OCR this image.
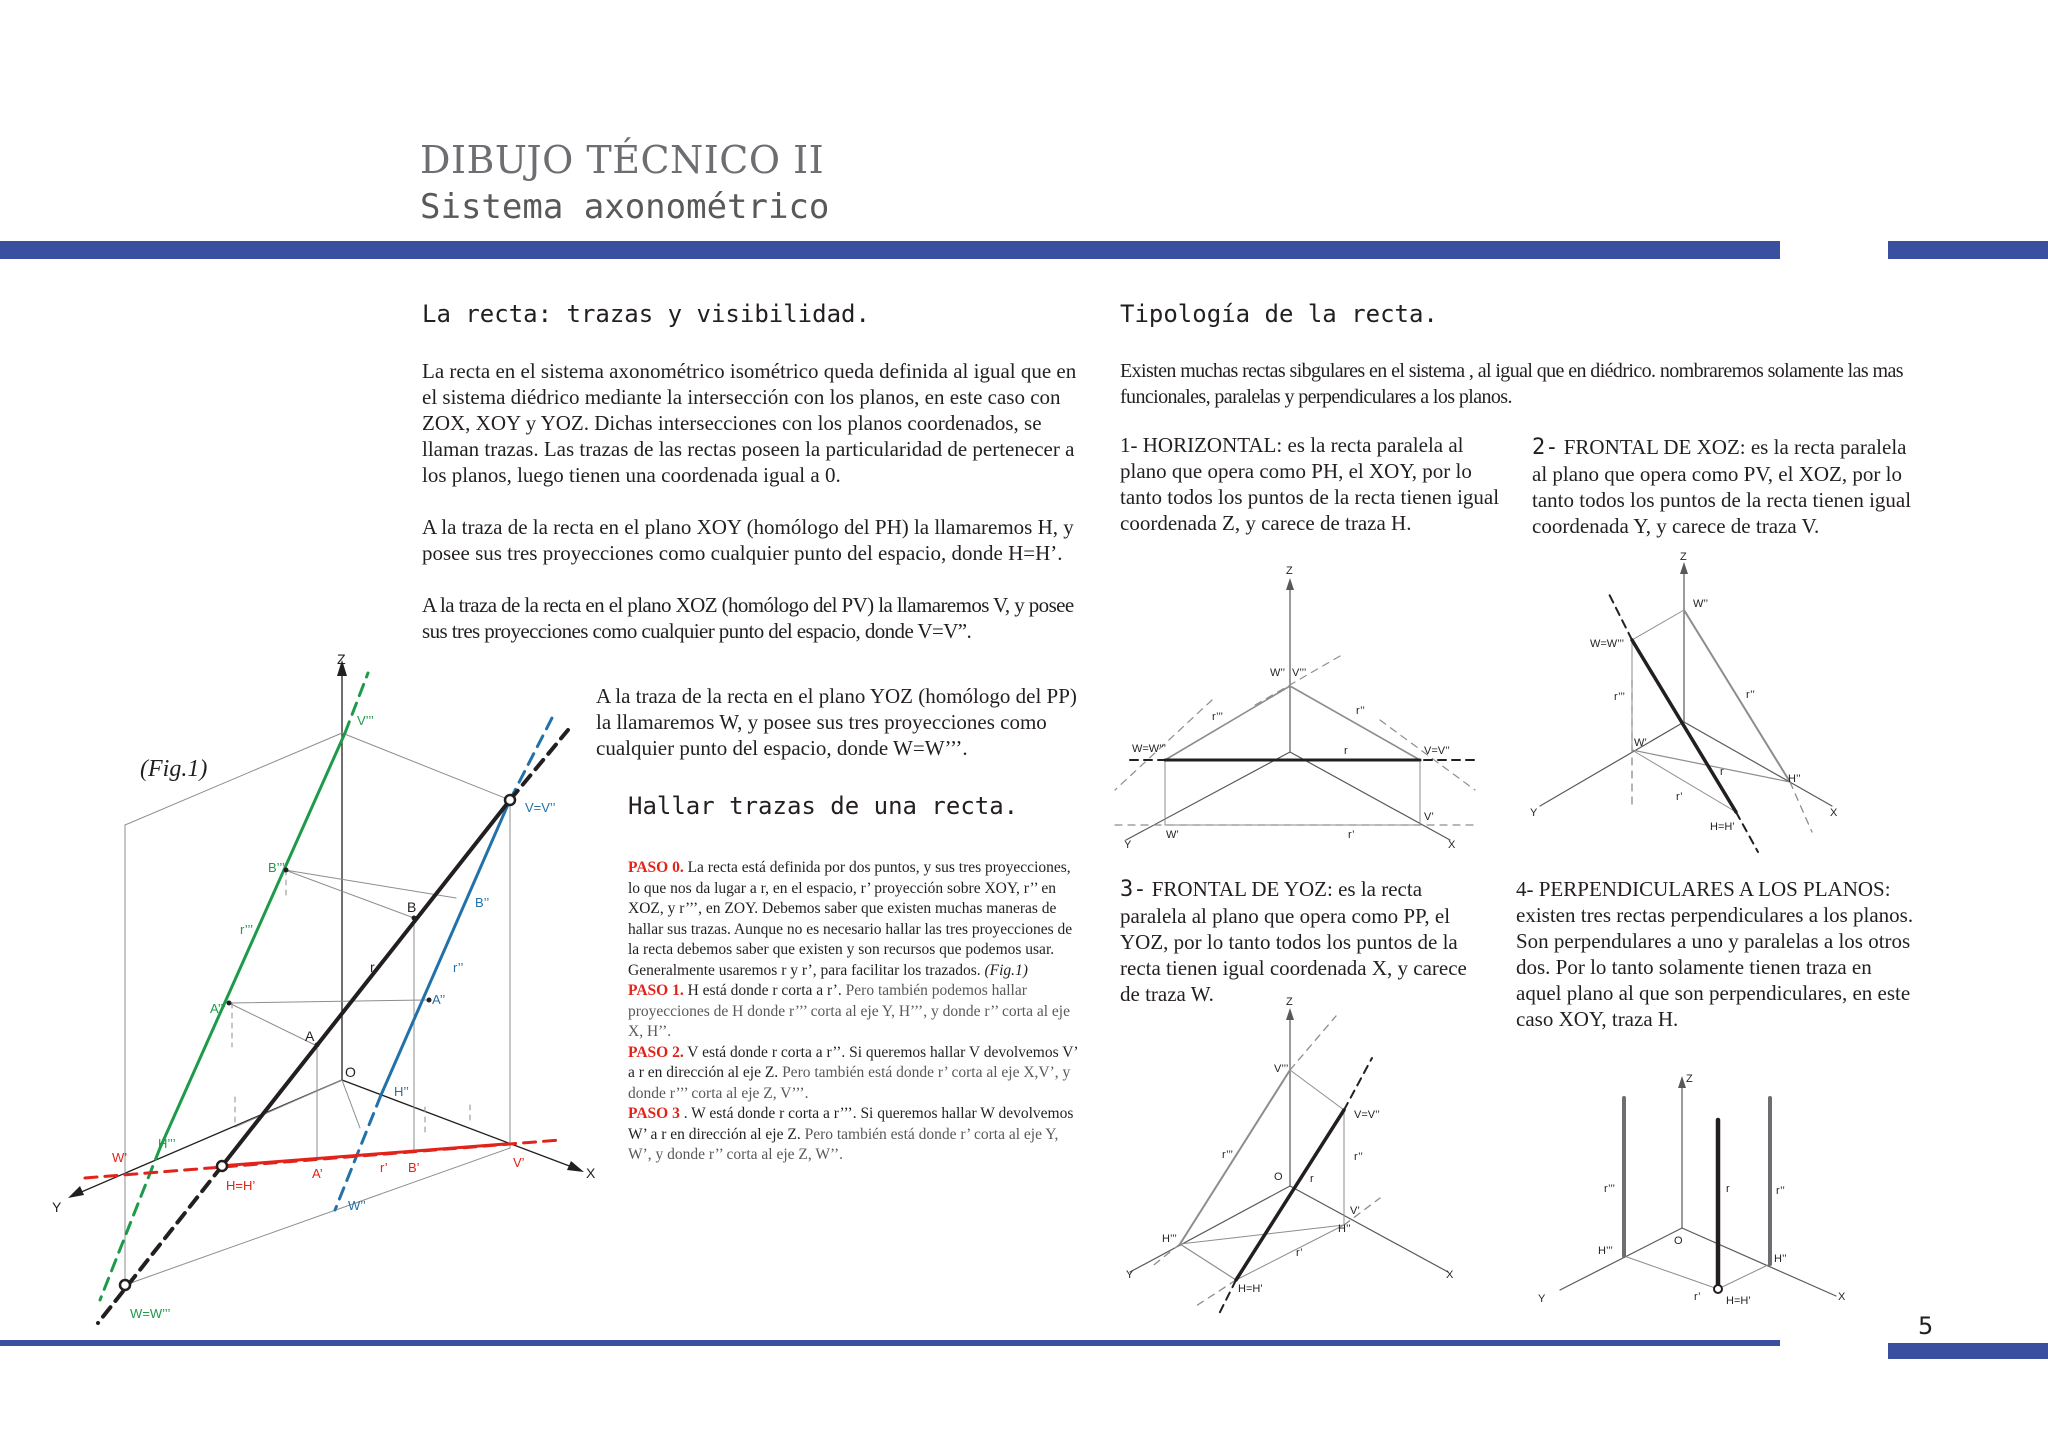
DIBUJO TÉCNICO II
Sistema axonométrico
La recta: trazas y visibilidad.

La recta en el sistema axonométrico isométrico queda definida al igual que en el sistema diédrico mediante la intersección con los planos, en este caso con ZOX, XOY y YOZ. Dichas intersecciones con los planos coordenados, se llaman trazas. Las trazas de las rectas poseen la particularidad de pertenecer a los planos, luego tienen una coordenada igual a 0.

A la traza de la recta en el plano XOY (homólogo del PH) la llamaremos H, y posee sus tres proyecciones como cualquier punto del espacio, donde H=H’.

A la traza de la recta en el plano XOZ (homólogo del PV) la llamaremos V, y posee sus tres proyecciones como cualquier punto del espacio, donde V=V”.

A la traza de la recta en el plano YOZ (homólogo del PP) la llamaremos W, y posee sus tres proyecciones como cualquier punto del espacio, donde W=W’’’.
(Fig.1)
Hallar trazas de una recta.

PASO 0. La recta está definida por dos puntos, y sus tres proyecciones, lo que nos da lugar a r, en el espacio, r’ proyección sobre XOY, r’’ en XOZ, y r’’’, en ZOY. Debemos saber que existen muchas maneras de hallar sus trazas. Aunque no es necesario hallar las tres proyecciones de la recta debemos saber que existen y son recursos que podemos usar. Generalmente usaremos r y r’, para facilitar los trazados. (Fig.1)

PASO 1. H está donde r corta a r’. Pero también podemos hallar proyecciones de H donde r’’’ corta al eje Y, H’’’, y donde r’’ corta al eje X, H’’.

PASO 2. V está donde r corta a r’’. Si queremos hallar V devolvemos V’ a r en dirección al eje Z. Pero también está donde r’ corta al eje X,V’, y donde r’’’ corta al eje Z, V’’’.

PASO 3 . W está donde r corta a r’’’. Si queremos hallar W devolvemos W’ a r en dirección al eje Z. Pero también está donde r’ corta al eje Y, W’, y donde r’’ corta al eje Z, W’’.

Tipología de la recta.
Existen muchas rectas sibgulares en el sistema , al igual que en diédrico. nombraremos solamente las mas funcionales, paralelas y perpendiculares a los planos.
1- HORIZONTAL: es la recta paralela al plano que opera como PH, el XOY, por lo tanto todos los puntos de la recta tienen igual coordenada Z, y carece de traza H.
2- FRONTAL DE XOZ: es la recta paralela al plano que opera como PV, el XOZ, por lo tanto todos los puntos de la recta tienen igual coordenada Y, y carece de traza V.
3- FRONTAL DE YOZ: es la recta paralela al plano que opera como PP, el YOZ, por lo tanto todos los puntos de la recta tienen igual coordenada X, y carece de traza W.
4- PERPENDICULARES A LOS PLANOS: existen tres rectas perpendiculares a los planos. Son perpendulares a uno y paralelas a los otros dos. Por lo tanto solamente tienen traza en aquel plano al que son perpendiculares, en este caso XOY, traza H.
5
Z
X
Y
O
B
r
A
V’’’
B’’’
r’’’
A’’’
H’’’
W=W’’’
V=V’’
B’’
r’’
A’’
H’’
W’’
W’
H=H’
A’	r’ B’	V’
Z
Y	X
W’’ V’’’
r’’’	r’’
W=W’’’	r	V=V’’
W’	r’
V’
Z
Y	X
W’’
W=W’’’
r’’’	r’’
W’
r
r’
H’’
H=H’
Z
Y	X
V’’’
V=V’’
r’’’	r’’
O r
V’
H’’
H’’’
r’
H=H’
Z
Y	X
r’’’	r	r’’
O
H’’’
H’’
r’ H=H’
